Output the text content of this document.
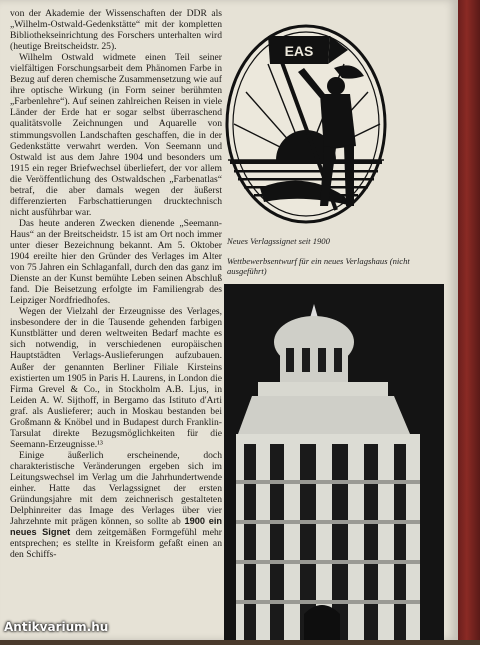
von der Akademie der Wissenschaften der DDR als „Wilhelm-Ostwald-Gedenkstätte“ mit der kompletten Bibliothekseinrichtung des Forschers unterhalten wird (heutige Breitscheidstr. 25).

Wilhelm Ostwald widmete einen Teil seiner vielfältigen Forschungsarbeit dem Phänomen Farbe in Bezug auf deren chemische Zusammensetzung wie auf ihre optische Wirkung (in Form seiner berühmten „Farbenlehre“). Auf seinen zahlreichen Reisen in viele Länder der Erde hat er sogar selbst überraschend qualitätsvolle Zeichnungen und Aquarelle von stimmungsvollen Landschaften geschaffen, die in der Gedenkstätte verwahrt werden. Von Seemann und Ostwald ist aus dem Jahre 1904 und besonders um 1915 ein reger Briefwechsel überliefert, der vor allem die Veröffentlichung des Ostwaldschen „Farbenatlas“ betraf, die aber damals wegen der äußerst differenzierten Farbschattierungen drucktechnisch nicht ausführbar war.

Das heute anderen Zwecken dienende „Seemann-Haus“ an der Breitscheidstr. 15 ist am Ort noch immer unter dieser Bezeichnung bekannt. Am 5. Oktober 1904 ereilte hier den Gründer des Verlages im Alter von 75 Jahren ein Schlaganfall, durch den das ganz im Dienste an der Kunst bemühte Leben seinen Abschluß fand. Die Beisetzung erfolgte im Familiengrab des Leipziger Nordfriedhofes.

Wegen der Vielzahl der Erzeugnisse des Verlages, insbesondere der in die Tausende gehenden farbigen Kunstblätter und deren weltweiten Bedarf machte es sich notwendig, in verschiedenen europäischen Hauptstädten Verlags-Auslieferungen aufzubauen. Außer der genannten Berliner Filiale Kirsteins existierten um 1905 in Paris H. Laurens, in London die Firma Grevel & Co., in Stockholm A.B. Ljus, in Leiden A. W. Sijthoff, in Bergamo das Istituto d'Arti graf. als Auslieferer; auch in Moskau bestanden bei Großmann & Knöbel und in Budapest durch Franklin-Tarsulat direkte Bezugsmöglichkeiten für die Seemann-Erzeugnisse.¹³

Einige äußerlich erscheinende, doch charakteristische Veränderungen ergeben sich im Leitungswechsel im Verlag um die Jahrhundertwende einher. Hatte das Verlagssignet der ersten Gründungsjahre mit dem zeichnerisch gestalteten Delphinreiter das Image des Verlages über vier Jahrzehnte mit prägen können, so sollte ab 1900 ein neues Signet dem zeitgemäßen Formgefühl mehr entsprechen; es stellte in Kreisform gefaßt einen an den Schiffs-

EAS
E.L.
Neues Verlagssignet seit 1900
Wettbewerbsentwurf für ein neues Verlagshaus (nicht ausgeführt)
Antikvarium.hu
